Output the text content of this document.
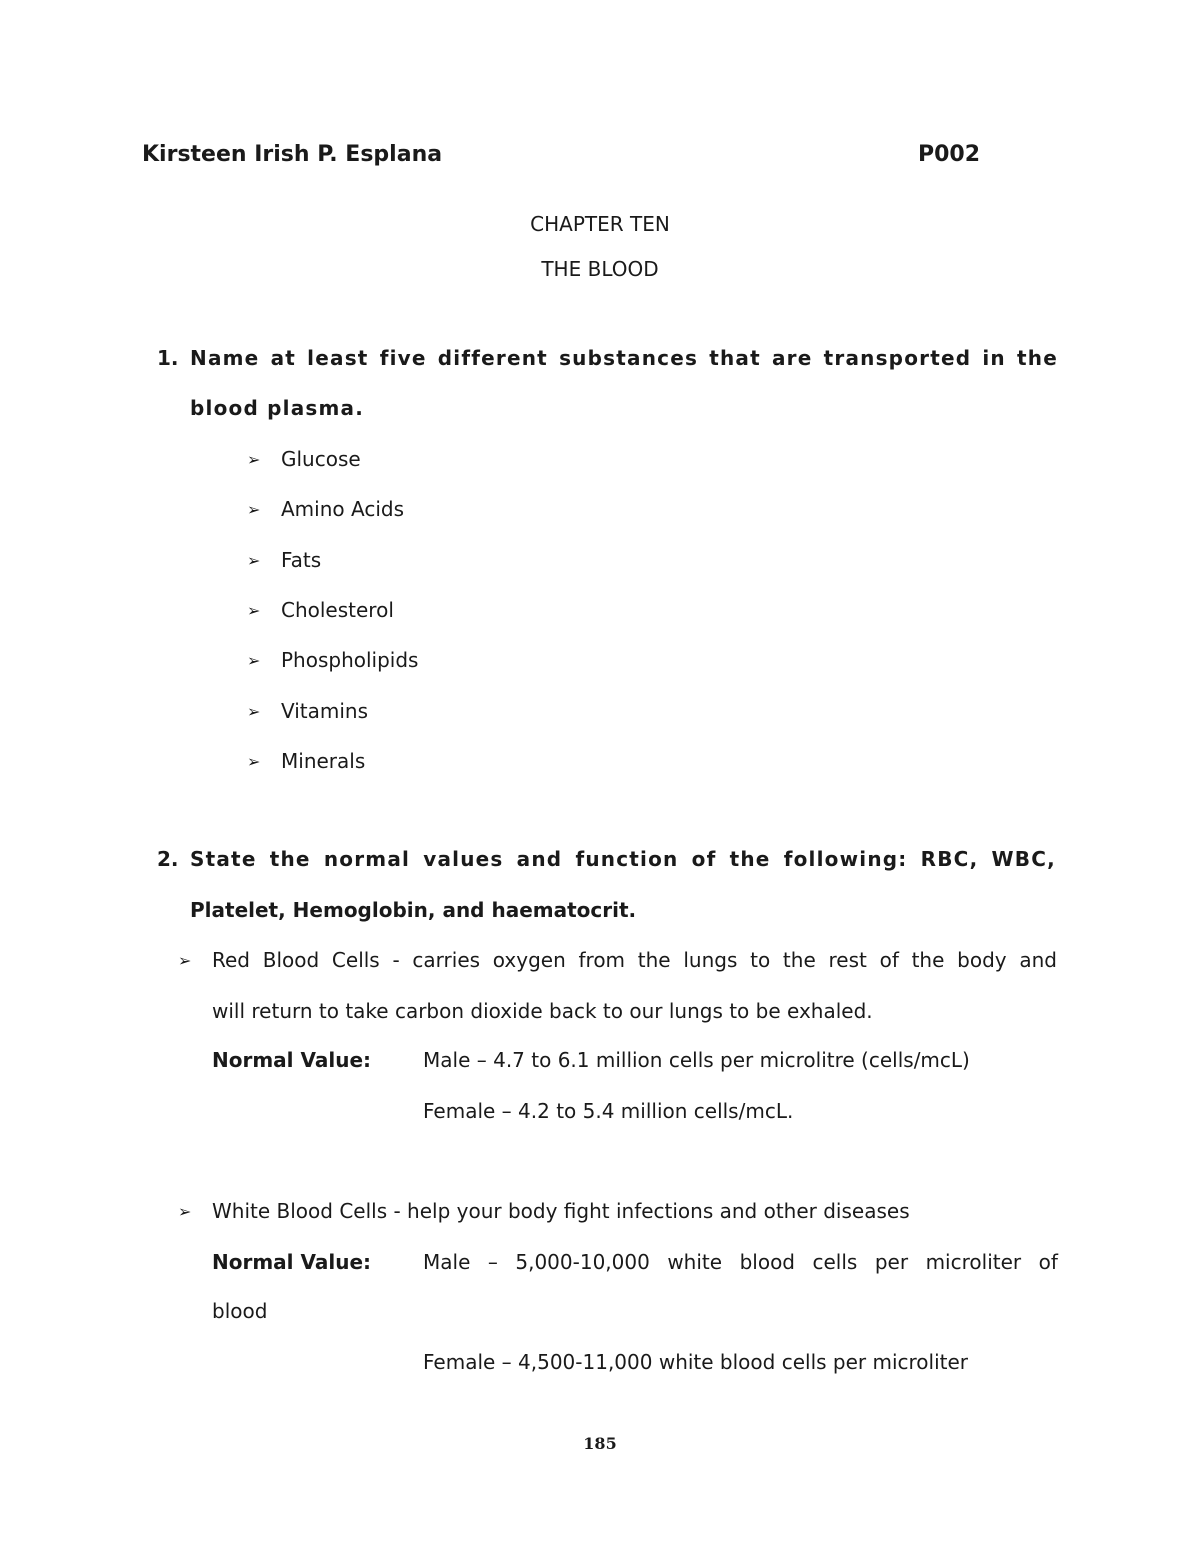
Kirsteen Irish P. Esplana	P002
CHAPTER TEN
THE BLOOD
1. Name at least five different substances that are transported in the
blood plasma.
➢ Glucose
➢ Amino Acids
➢ Fats
➢ Cholesterol
➢ Phospholipids
➢ Vitamins
➢ Minerals
2. State the normal values and function of the following: RBC, WBC,
Platelet, Hemoglobin, and haematocrit.
➢ Red Blood Cells - carries oxygen from the lungs to the rest of the body and
will return to take carbon dioxide back to our lungs to be exhaled.
Normal Value:	Male – 4.7 to 6.1 million cells per microlitre (cells/mcL)
Female – 4.2 to 5.4 million cells/mcL.
➢ White Blood Cells - help your body fight infections and other diseases
Normal Value:	Male – 5,000-10,000 white blood cells per microliter of
blood
Female – 4,500-11,000 white blood cells per microliter
185
